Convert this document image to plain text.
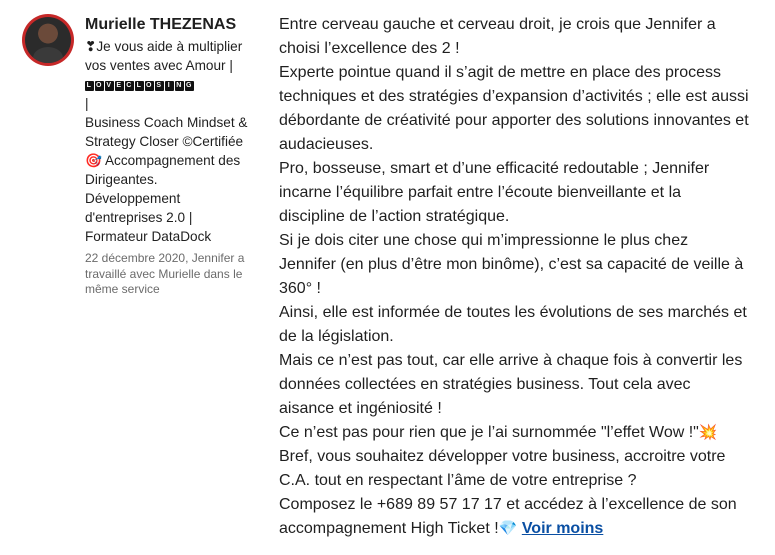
Murielle THEZENAS
❣Je vous aide à multiplier
vos ventes avec Amour |
L O V E C L O S I N G
|
Business Coach Mindset &
Strategy Closer ©Certifiée
🎯 Accompagnement des
Dirigeantes.
Développement
d'entreprises 2.0 |
Formateur DataDock
22 décembre 2020, Jennifer a travaillé avec Murielle dans le même service

Entre cerveau gauche et cerveau droit, je crois que Jennifer a choisi l’excellence des 2 !

Experte pointue quand il s’agit de mettre en place des process techniques et des stratégies d’expansion d’activités ; elle est aussi débordante de créativité pour apporter des solutions innovantes et audacieuses.

Pro, bosseuse, smart et d’une efficacité redoutable ; Jennifer incarne l’équilibre parfait entre l’écoute bienveillante et la discipline de l’action stratégique.

Si je dois citer une chose qui m’impressionne le plus chez Jennifer (en plus d’être mon binôme), c’est sa capacité de veille à 360° !

Ainsi, elle est informée de toutes les évolutions de ses marchés et de la législation.

Mais ce n’est pas tout, car elle arrive à chaque fois à convertir les données collectées en stratégies business. Tout cela avec aisance et ingéniosité !

Ce n’est pas pour rien que je l’ai surnommée "l’effet Wow !"💥

Bref, vous souhaitez développer votre business, accroitre votre C.A. tout en respectant l’âme de votre entreprise ?

Composez le +689 89 57 17 17 et accédez à l’excellence de son accompagnement High Ticket !💎 Voir moins
